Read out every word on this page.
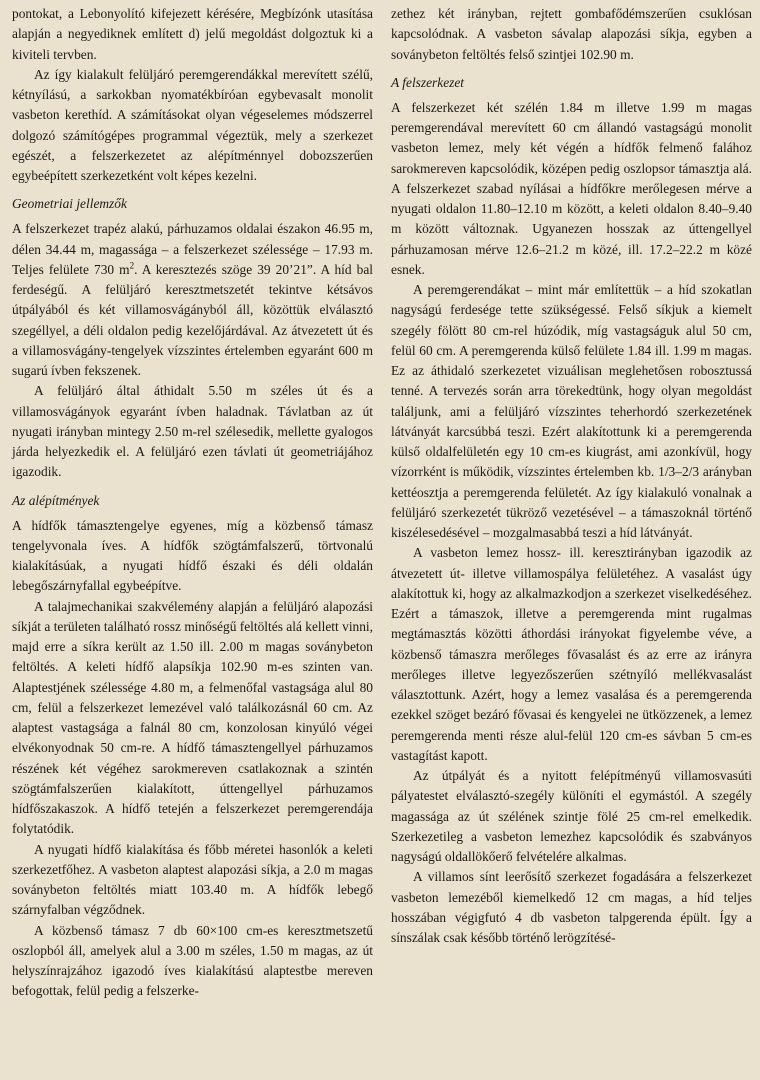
pontokat, a Lebonyolító kifejezett kérésére, Megbízónk utasítása alapján a negyediknek említett d) jelű megoldást dolgoztuk ki a kiviteli tervben.

Az így kialakult felüljáró peremgerendákkal merevített szélű, kétnyílású, a sarkokban nyomatékbíróan egybevasalt monolit vasbeton kerethíd. A számításokat olyan végeselemes módszerrel dolgozó számítógépes programmal végeztük, mely a szerkezet egészét, a felszerkezetet az alépítménnyel dobozszerűen egybeépített szerkezetként volt képes kezelni.

Geometriai jellemzők

A felszerkezet trapéz alakú, párhuzamos oldalai északon 46.95 m, délen 34.44 m, magassága – a felszerkezet szélessége – 17.93 m. Teljes felülete 730 $m^2$. A keresztezés szöge 39 20’21”. A híd bal ferdeségű. A felüljáró keresztmetszetét tekintve kétsávos útpályából és két villamosvágányból áll, közöttük elválasztó szegéllyel, a déli oldalon pedig kezelőjárdával. Az átvezetett út és a villamosvágány-tengelyek vízszintes értelemben egyaránt 600 m sugarú ívben fekszenek.

A felüljáró által áthidalt 5.50 m széles út és a villamosvágányok egyaránt ívben haladnak. Távlatban az út nyugati irányban mintegy 2.50 m-rel szélesedik, mellette gyalogos járda helyezkedik el. A felüljáró ezen távlati út geometriájához igazodik.

Az alépítmények

A hídfők támasztengelye egyenes, míg a közbenső támasz tengelyvonala íves. A hídfők szögtámfalszerű, törtvonalú kialakításúak, a nyugati hídfő északi és déli oldalán lebegőszárnyfallal egybeépítve.

A talajmechanikai szakvélemény alapján a felüljáró alapozási síkját a területen található rossz minőségű feltöltés alá kellett vinni, majd erre a síkra került az 1.50 ill. 2.00 m magas soványbeton feltöltés. A keleti hídfő alapsíkja 102.90 m-es szinten van. Alaptestjének szélessége 4.80 m, a felmenőfal vastagsága alul 80 cm, felül a felszerkezet lemezével való találkozásnál 60 cm. Az alaptest vastagsága a falnál 80 cm, konzolosan kinyúló végei elvékonyodnak 50 cm-re. A hídfő támasztengellyel párhuzamos részének két végéhez sarokmereven csatlakoznak a szintén szögtámfalszerűen kialakított, úttengellyel párhuzamos hídfőszakaszok. A hídfő tetején a felszerkezet peremgerendája folytatódik.

A nyugati hídfő kialakítása és főbb méretei hasonlók a keleti szerkezetfőhez. A vasbeton alaptest alapozási síkja, a 2.0 m magas soványbeton feltöltés miatt 103.40 m. A hídfők lebegő szárnyfalban végződnek.

A közbenső támasz 7 db 60×100 cm-es keresztmetszetű oszlopból áll, amelyek alul a 3.00 m széles, 1.50 m magas, az út helyszínrajzához igazodó íves kialakítású alaptestbe mereven befogottak, felül pedig a felszerke-

zethez két irányban, rejtett gombafődémszerűen csuklósan kapcsolódnak. A vasbeton sávalap alapozási síkja, egyben a soványbeton feltöltés felső szintjei 102.90 m.

A felszerkezet

A felszerkezet két szélén 1.84 m illetve 1.99 m magas peremgerendával merevített 60 cm állandó vastagságú monolit vasbeton lemez, mely két végén a hídfők felmenő falához sarokmereven kapcsolódik, középen pedig oszlopsor támasztja alá. A felszerkezet szabad nyílásai a hídfőkre merőlegesen mérve a nyugati oldalon 11.80–12.10 m között, a keleti oldalon 8.40–9.40 m között változnak. Ugyanezen hosszak az úttengellyel párhuzamosan mérve 12.6–21.2 m közé, ill. 17.2–22.2 m közé esnek.

A peremgerendákat – mint már említettük – a híd szokatlan nagyságú ferdesége tette szükségessé. Felső síkjuk a kiemelt szegély fölött 80 cm-rel húzódik, míg vastagságuk alul 50 cm, felül 60 cm. A peremgerenda külső felülete 1.84 ill. 1.99 m magas. Ez az áthidaló szerkezetet vizuálisan meglehetősen robosztussá tenné. A tervezés során arra törekedtünk, hogy olyan megoldást találjunk, ami a felüljáró vízszintes teherhordó szerkezetének látványát karcsúbbá teszi. Ezért alakítottunk ki a peremgerenda külső oldalfelületén egy 10 cm-es kiugrást, ami azonkívül, hogy vízorrként is működik, vízszintes értelemben kb. 1/3–2/3 arányban kettéosztja a peremgerenda felületét. Az így kialakuló vonalnak a felüljáró szerkezetét tükröző vezetésével – a támaszoknál történő kiszélesedésével – mozgalmasabbá teszi a híd látványát.

A vasbeton lemez hossz- ill. keresztirányban igazodik az átvezetett út- illetve villamospálya felületéhez. A vasalást úgy alakítottuk ki, hogy az alkalmazkodjon a szerkezet viselkedéséhez. Ezért a támaszok, illetve a peremgerenda mint rugalmas megtámasztás közötti áthordási irányokat figyelembe véve, a közbenső támaszra merőleges fővasalást és az erre az irányra merőleges illetve legyezőszerűen szétnyíló mellékvasalást választottunk. Azért, hogy a lemez vasalása és a peremgerenda ezekkel szöget bezáró fővasai és kengyelei ne ütközzenek, a lemez peremgerenda menti része alul-felül 120 cm-es sávban 5 cm-es vastagítást kapott.

Az útpályát és a nyitott felépítményű villamosvasúti pályatestet elválasztó-szegély különíti el egymástól. A szegély magassága az út szélének szintje fölé 25 cm-rel emelkedik. Szerkezetileg a vasbeton lemezhez kapcsolódik és szabványos nagyságú oldallökőerő felvételére alkalmas.

A villamos sínt leerősítő szerkezet fogadására a felszerkezet vasbeton lemezéből kiemelkedő 12 cm magas, a híd teljes hosszában végigfutó 4 db vasbeton talpgerenda épült. Így a sínszálak csak később történő lerögzítésé-
